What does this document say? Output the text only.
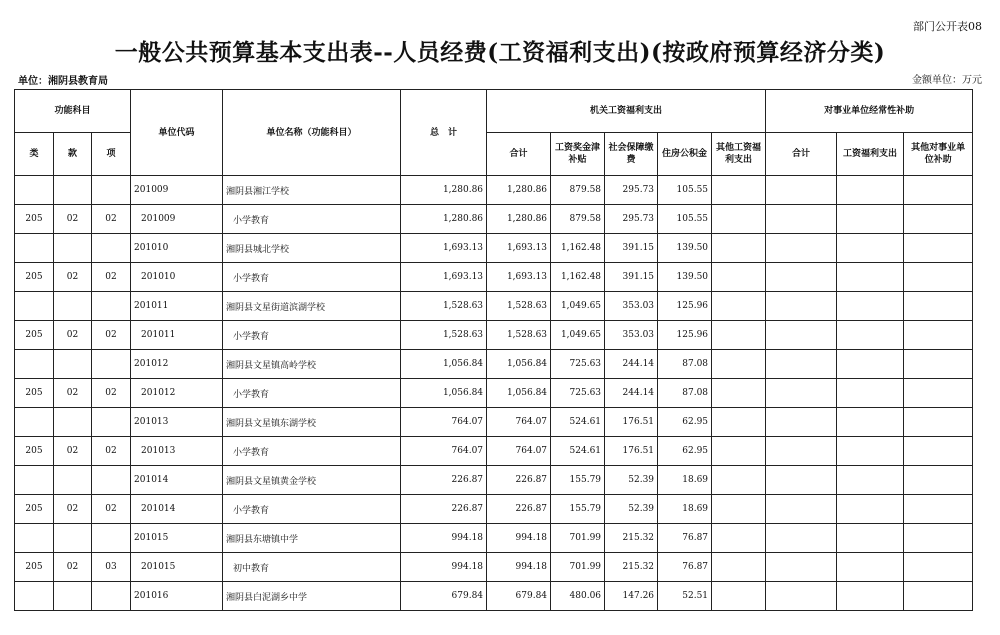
部门公开表08
一般公共预算基本支出表--人员经费(工资福利支出)(按政府预算经济分类)
单位：湘阴县教育局	金额单位：万元
功能科目			单位代码	单位名称（功能科目）	总　计	机关工资福利支出					对事业单位经常性补助		
类	款	项				合计	工资奖金津补贴	社会保障缴费	住房公积金	其他工资福利支出	合计	工资福利支出	其他对事业单位补助
			201009	湘阴县湘江学校	1,280.86	1,280.86	879.58	295.73	105.55				
205	02	02	201009	小学教育	1,280.86	1,280.86	879.58	295.73	105.55				
			201010	湘阴县城北学校	1,693.13	1,693.13	1,162.48	391.15	139.50				
205	02	02	201010	小学教育	1,693.13	1,693.13	1,162.48	391.15	139.50				
			201011	湘阴县文星街道滨湖学校	1,528.63	1,528.63	1,049.65	353.03	125.96				
205	02	02	201011	小学教育	1,528.63	1,528.63	1,049.65	353.03	125.96				
			201012	湘阴县文星镇高岭学校	1,056.84	1,056.84	725.63	244.14	87.08				
205	02	02	201012	小学教育	1,056.84	1,056.84	725.63	244.14	87.08				
			201013	湘阴县文星镇东湖学校	764.07	764.07	524.61	176.51	62.95				
205	02	02	201013	小学教育	764.07	764.07	524.61	176.51	62.95				
			201014	湘阴县文星镇黄金学校	226.87	226.87	155.79	52.39	18.69				
205	02	02	201014	小学教育	226.87	226.87	155.79	52.39	18.69				
			201015	湘阴县东塘镇中学	994.18	994.18	701.99	215.32	76.87				
205	02	03	201015	初中教育	994.18	994.18	701.99	215.32	76.87				
			201016	湘阴县白泥湖乡中学	679.84	679.84	480.06	147.26	52.51				
